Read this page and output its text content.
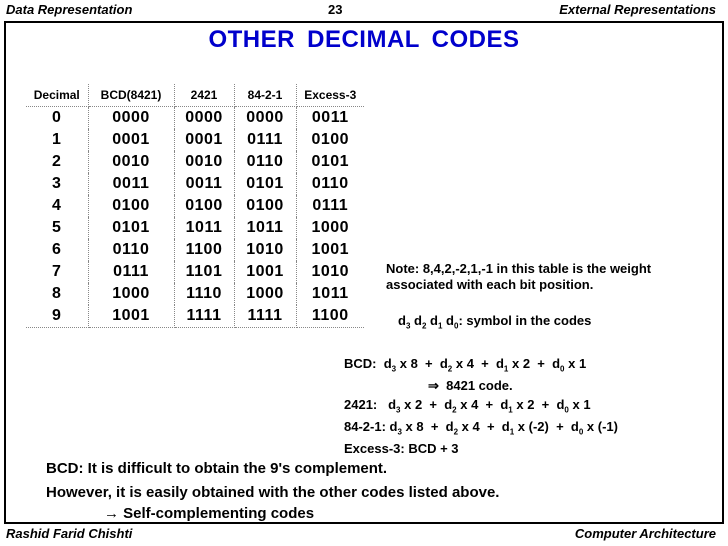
Data Representation	23	External Representations
OTHER DECIMAL CODES
Decimal	BCD(8421)	2421	84-2-1	Excess-3
0	0000	0000	0000	0011
1	0001	0001	0111	0100
2	0010	0010	0110	0101
3	0011	0011	0101	0110
4	0100	0100	0100	0111
5	0101	1011	1011	1000
6	0110	1100	1010	1001
7	0111	1101	1001	1010
8	1000	1110	1000	1011
9	1001	1111	1111	1100
Note: 8,4,2,-2,1,-1 in this table is the weight
associated with each bit position.
$d_3$ $d_2$ $d_1$ $d_0$: symbol in the codes
BCD:  $d_3$ x $8 + d_2$ x $4 + d_1$ x $2 + d_0$ x 1
⇒ 8421 code.
2421:   $d_3$ x $2 + d_2$ x $4 + d_1$ x $2 + d_0$ x 1
84-2-1: $d_3$ x $8 + d_2$ x $4 + d_1$ x $(-2) + d_0$ x (-1)
Excess-3: BCD + 3
BCD: It is difficult to obtain the 9's complement.
However, it is easily obtained with the other codes listed above.
→ Self-complementing codes
Rashid Farid Chishti	Computer Architecture
